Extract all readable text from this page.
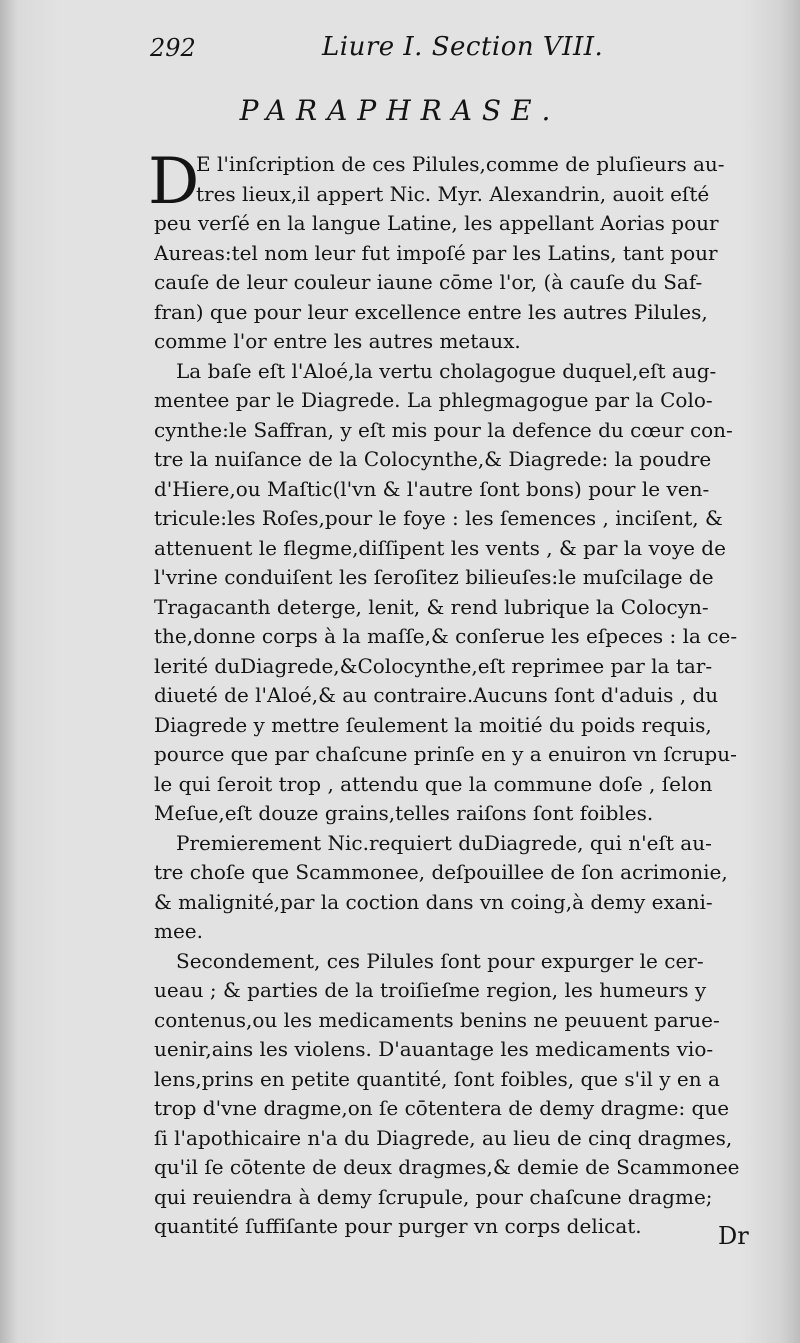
292	Liure I. Section VIII.
PARAPHRASE.
D
E l'inſcription de ces Pilules,comme de pluſieurs au-
tres lieux,il appert Nic. Myr. Alexandrin, auoit eſté
peu verſé en la langue Latine, les appellant Aorias pour
Aureas:tel nom leur fut impoſé par les Latins, tant pour
cauſe de leur couleur iaune cōme l'or, (à cauſe du Saf-
fran) que pour leur excellence entre les autres Pilules,
comme l'or entre les autres metaux.
La baſe eſt l'Aloé,la vertu cholagogue duquel,eſt aug-
mentee par le Diagrede. La phlegmagogue par la Colo-
cynthe:le Saffran, y eſt mis pour la defence du cœur con-
tre la nuiſance de la Colocynthe,& Diagrede: la poudre
d'Hiere,ou Maſtic(l'vn & l'autre ſont bons) pour le ven-
tricule:les Roſes,pour le foye : les ſemences , inciſent, &
attenuent le flegme,diſſipent les vents , & par la voye de
l'vrine conduiſent les ſeroſitez bilieuſes:le muſcilage de
Tragacanth deterge, lenit, & rend lubrique la Colocyn-
the,donne corps à la maſſe,& conſerue les eſpeces : la ce-
lerité duDiagrede,&Colocynthe,eſt reprimee par la tar-
diueté de l'Aloé,& au contraire.Aucuns ſont d'aduis , du
Diagrede y mettre ſeulement la moitié du poids requis,
pource que par chaſcune prinſe en y a enuiron vn ſcrupu-
le qui ſeroit trop , attendu que la commune doſe , ſelon
Meſue,eſt douze grains,telles raiſons ſont foibles.
Premierement Nic.requiert duDiagrede, qui n'eſt au-
tre choſe que Scammonee, deſpouillee de ſon acrimonie,
& malignité,par la coction dans vn coing,à demy exani-
mee.
Secondement, ces Pilules ſont pour expurger le cer-
ueau ; & parties de la troiſieſme region, les humeurs y
contenus,ou les medicaments benins ne peuuent parue-
uenir,ains les violens. D'auantage les medicaments vio-
lens,prins en petite quantité, ſont foibles, que s'il y en a
trop d'vne dragme,on ſe cōtentera de demy dragme: que
ſi l'apothicaire n'a du Diagrede, au lieu de cinq dragmes,
qu'il ſe cōtente de deux dragmes,& demie de Scammonee
qui reuiendra à demy ſcrupule, pour chaſcune dragme;
quantité ſuffiſante pour purger vn corps delicat.	Dr
